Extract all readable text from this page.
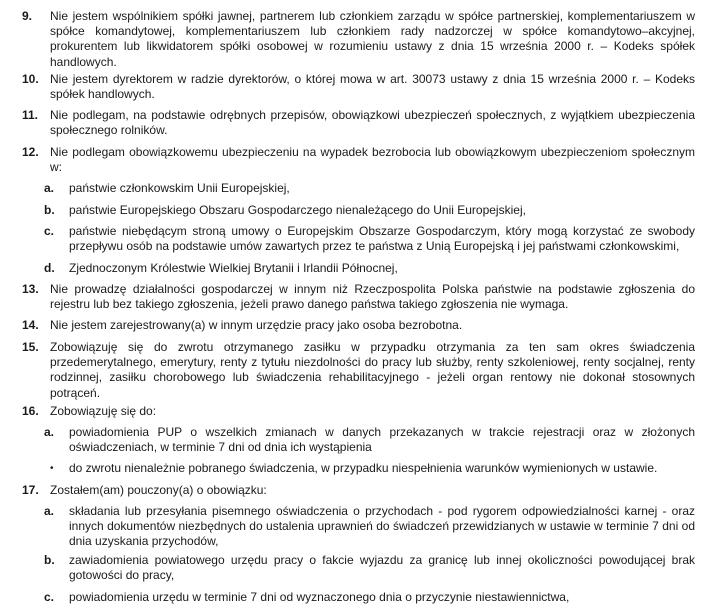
9.	Nie jestem wspólnikiem spółki jawnej, partnerem lub członkiem zarządu w spółce partnerskiej, komplementariuszem w spółce komandytowej, komplementariuszem lub członkiem rady nadzorczej w spółce komandytowo–akcyjnej, prokurentem lub likwidatorem spółki osobowej w rozumieniu ustawy z dnia 15 września 2000 r. – Kodeks spółek handlowych.
10. Nie jestem dyrektorem w radzie dyrektorów, o której mowa w art. 30073 ustawy z dnia 15 września 2000 r. – Kodeks spółek handlowych.
11. Nie podlegam, na podstawie odrębnych przepisów, obowiązkowi ubezpieczeń społecznych, z wyjątkiem ubezpieczenia społecznego rolników.
12. Nie podlegam obowiązkowemu ubezpieczeniu na wypadek bezrobocia lub obowiązkowym ubezpieczeniom społecznym w:
a.	państwie członkowskim Unii Europejskiej,
b.	państwie Europejskiego Obszaru Gospodarczego nienależącego do Unii Europejskiej,
c.	państwie niebędącym stroną umowy o Europejskim Obszarze Gospodarczym, który mogą korzystać ze swobody przepływu osób na podstawie umów zawartych przez te państwa z Unią Europejską i jej państwami członkowskimi,
d.	Zjednoczonym Królestwie Wielkiej Brytanii i Irlandii Północnej,
13. Nie prowadzę działalności gospodarczej w innym niż Rzeczpospolita Polska państwie na podstawie zgłoszenia do rejestru lub bez takiego zgłoszenia, jeżeli prawo danego państwa takiego zgłoszenia nie wymaga.
14. Nie jestem zarejestrowany(a) w innym urzędzie pracy jako osoba bezrobotna.
15. Zobowiązuję się do zwrotu otrzymanego zasiłku w przypadku otrzymania za ten sam okres świadczenia przedemerytalnego, emerytury, renty z tytułu niezdolności do pracy lub służby, renty szkoleniowej, renty socjalnej, renty rodzinnej, zasiłku chorobowego lub świadczenia rehabilitacyjnego - jeżeli organ rentowy nie dokonał stosownych potrąceń.
16. Zobowiązuję się do:
a.	powiadomienia PUP o wszelkich zmianach w danych przekazanych w trakcie rejestracji oraz w złożonych oświadczeniach, w terminie 7 dni od dnia ich wystąpienia
•	do zwrotu nienależnie pobranego świadczenia, w przypadku niespełnienia warunków wymienionych w ustawie.
17. Zostałem(am) pouczony(a) o obowiązku:
a.	składania lub przesyłania pisemnego oświadczenia o przychodach - pod rygorem odpowiedzialności karnej - oraz innych dokumentów niezbędnych do ustalenia uprawnień do świadczeń przewidzianych w ustawie w terminie 7 dni od dnia uzyskania przychodów,
b.	zawiadomienia powiatowego urzędu pracy o fakcie wyjazdu za granicę lub innej okoliczności powodującej brak gotowości do pracy,
c.	powiadomienia urzędu w terminie 7 dni od wyznaczonego dnia o przyczynie niestawiennictwa,
